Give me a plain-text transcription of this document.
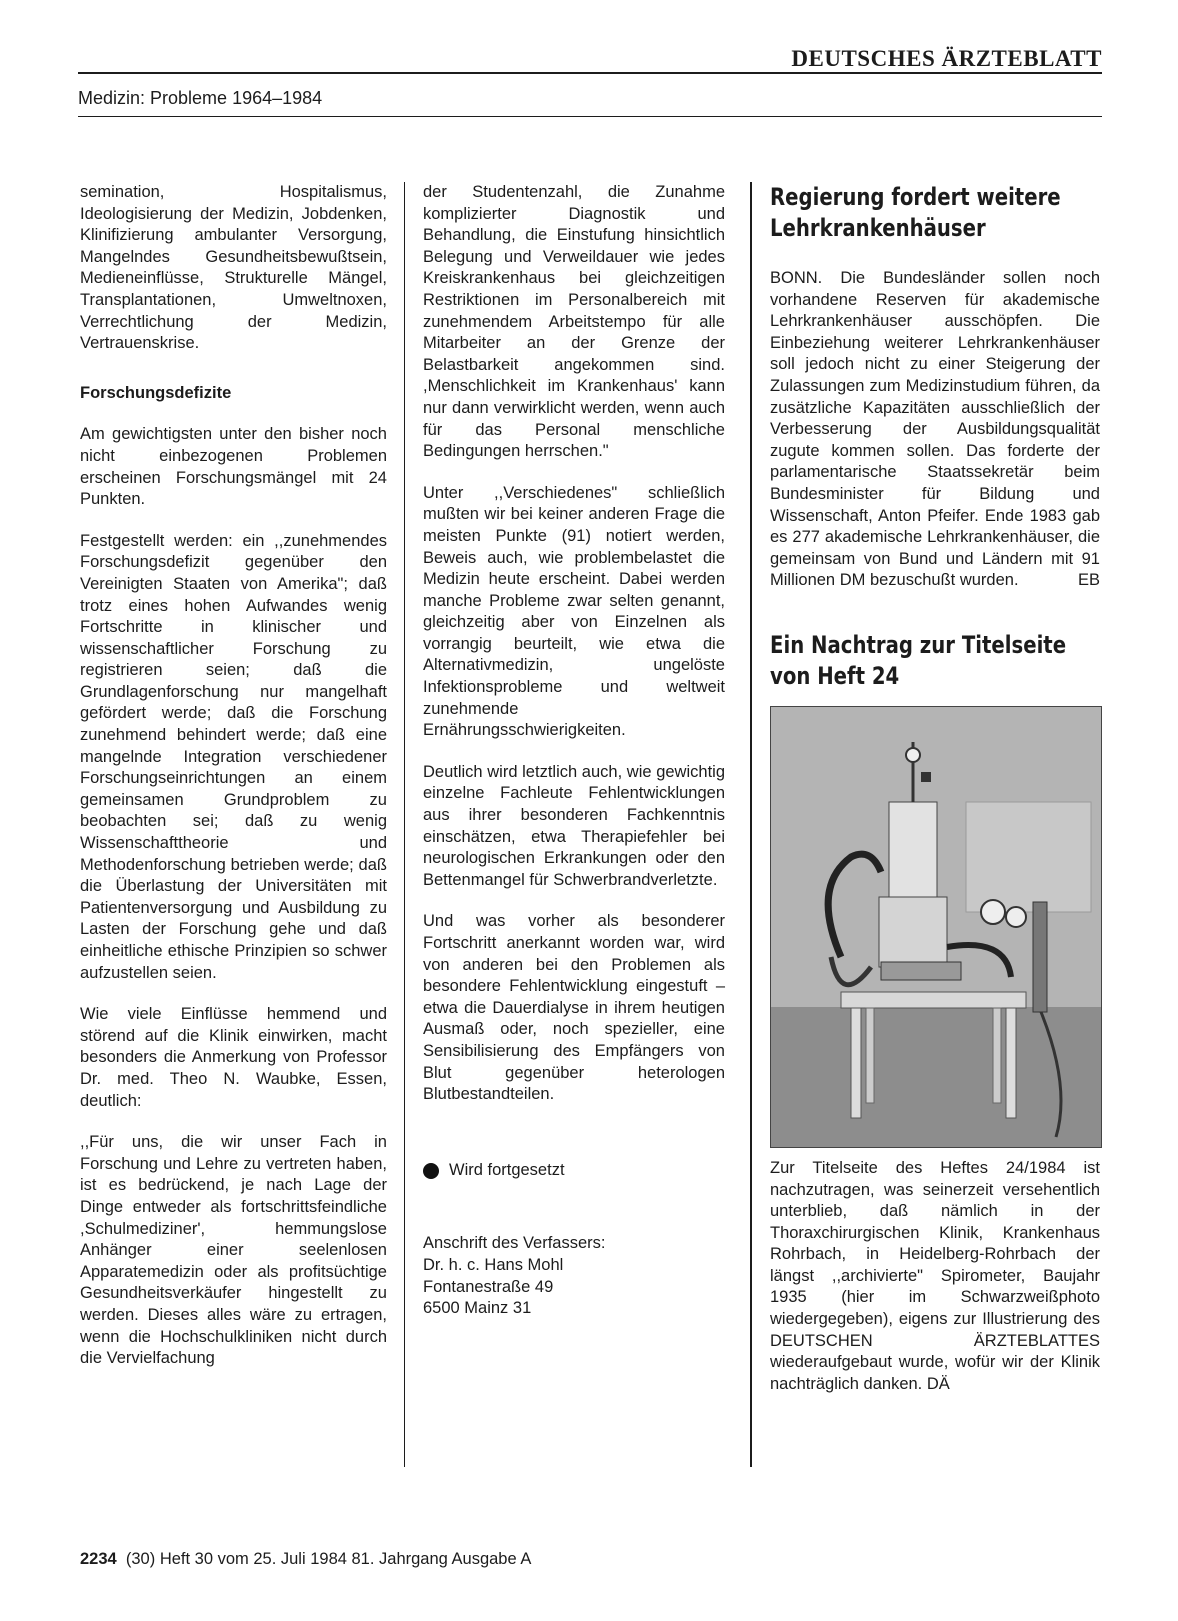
DEUTSCHES ÄRZTEBLATT
Medizin: Probleme 1964–1984

semination, Hospitalismus, Ideologisierung der Medizin, Jobdenken, Klinifizierung ambulanter Versorgung, Mangelndes Gesundheitsbewußtsein, Medieneinflüsse, Strukturelle Mängel, Transplantationen, Umweltnoxen, Verrechtlichung der Medizin, Vertrauenskrise.

Forschungsdefizite

Am gewichtigsten unter den bisher noch nicht einbezogenen Problemen erscheinen Forschungsmängel mit 24 Punkten.

Festgestellt werden: ein ,,zunehmendes Forschungsdefizit gegenüber den Vereinigten Staaten von Amerika"; daß trotz eines hohen Aufwandes wenig Fortschritte in klinischer und wissenschaftlicher Forschung zu registrieren seien; daß die Grundlagenforschung nur mangelhaft gefördert werde; daß die Forschung zunehmend behindert werde; daß eine mangelnde Integration verschiedener Forschungseinrichtungen an einem gemeinsamen Grundproblem zu beobachten sei; daß zu wenig Wissenschafttheorie und Methodenforschung betrieben werde; daß die Überlastung der Universitäten mit Patientenversorgung und Ausbildung zu Lasten der Forschung gehe und daß einheitliche ethische Prinzipien so schwer aufzustellen seien.

Wie viele Einflüsse hemmend und störend auf die Klinik einwirken, macht besonders die Anmerkung von Professor Dr. med. Theo N. Waubke, Essen, deutlich:

,,Für uns, die wir unser Fach in Forschung und Lehre zu vertreten haben, ist es bedrückend, je nach Lage der Dinge entweder als fortschrittsfeindliche ,Schulmediziner', hemmungslose Anhänger einer seelenlosen Apparatemedizin oder als profitsüchtige Gesundheitsverkäufer hingestellt zu werden. Dieses alles wäre zu ertragen, wenn die Hochschulkliniken nicht durch die Vervielfachung

der Studentenzahl, die Zunahme komplizierter Diagnostik und Behandlung, die Einstufung hinsichtlich Belegung und Verweildauer wie jedes Kreiskrankenhaus bei gleichzeitigen Restriktionen im Personalbereich mit zunehmendem Arbeitstempo für alle Mitarbeiter an der Grenze der Belastbarkeit angekommen sind. ,Menschlichkeit im Krankenhaus' kann nur dann verwirklicht werden, wenn auch für das Personal menschliche Bedingungen herrschen."

Unter ,,Verschiedenes" schließlich mußten wir bei keiner anderen Frage die meisten Punkte (91) notiert werden, Beweis auch, wie problembelastet die Medizin heute erscheint. Dabei werden manche Probleme zwar selten genannt, gleichzeitig aber von Einzelnen als vorrangig beurteilt, wie etwa die Alternativmedizin, ungelöste Infektionsprobleme und weltweit zunehmende Ernährungsschwierigkeiten.

Deutlich wird letztlich auch, wie gewichtig einzelne Fachleute Fehlentwicklungen aus ihrer besonderen Fachkenntnis einschätzen, etwa Therapiefehler bei neurologischen Erkrankungen oder den Bettenmangel für Schwerbrandverletzte.

Und was vorher als besonderer Fortschritt anerkannt worden war, wird von anderen bei den Problemen als besondere Fehlentwicklung eingestuft – etwa die Dauerdialyse in ihrem heutigen Ausmaß oder, noch spezieller, eine Sensibilisierung des Empfängers von Blut gegenüber heterologen Blutbestandteilen.

Wird fortgesetzt

Anschrift des Verfassers:

Dr. h. c. Hans Mohl

Fontanestraße 49

6500 Mainz 31

Regierung fordert weitere Lehrkrankenhäuser

BONN. Die Bundesländer sollen noch vorhandene Reserven für akademische Lehrkrankenhäuser ausschöpfen. Die Einbeziehung weiterer Lehrkrankenhäuser soll jedoch nicht zu einer Steigerung der Zulassungen zum Medizinstudium führen, da zusätzliche Kapazitäten ausschließlich der Verbesserung der Ausbildungsqualität zugute kommen sollen. Das forderte der parlamentarische Staatssekretär beim Bundesminister für Bildung und Wissenschaft, Anton Pfeifer. Ende 1983 gab es 277 akademische Lehrkrankenhäuser, die gemeinsam von Bund und Ländern mit 91 Millionen DM bezuschußt wurden.	EB

Ein Nachtrag zur Titelseite von Heft 24
Zur Titelseite des Heftes 24/1984 ist nachzutragen, was seinerzeit versehentlich unterblieb, daß nämlich in der Thoraxchirurgischen Klinik, Krankenhaus Rohrbach, in Heidelberg-Rohrbach der längst ,,archivierte" Spirometer, Baujahr 1935 (hier im Schwarzweißphoto wiedergegeben), eigens zur Illustrierung des DEUTSCHEN ÄRZTEBLATTES wiederaufgebaut wurde, wofür wir der Klinik nachträglich danken. DÄ
2234 (30) Heft 30 vom 25. Juli 1984 81. Jahrgang Ausgabe A
